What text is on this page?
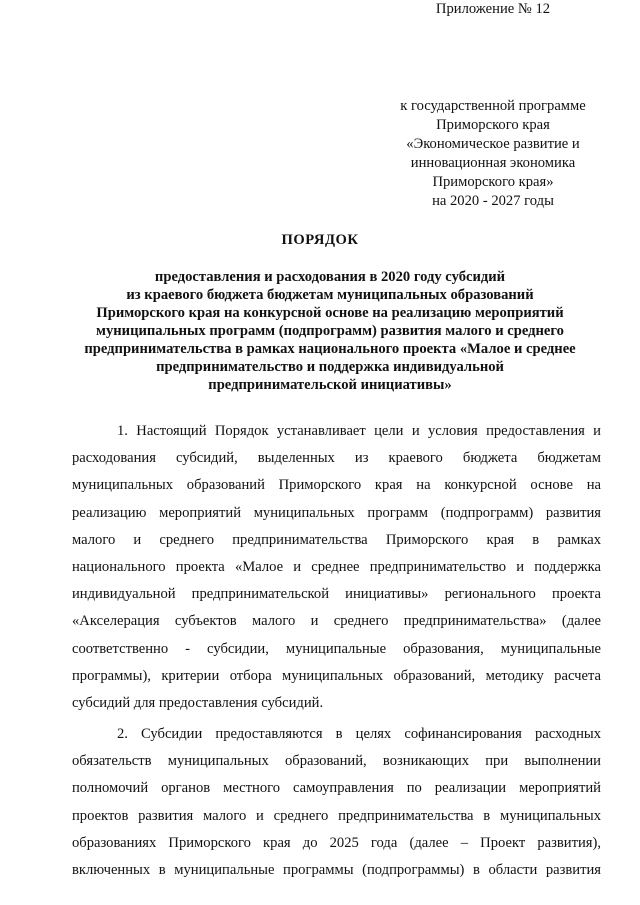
Приложение № 12
к государственной программе
Приморского края
«Экономическое развитие и
инновационная экономика
Приморского края»
на 2020 - 2027 годы
ПОРЯДОК
предоставления и расходования в 2020 году субсидий
из краевого бюджета бюджетам муниципальных образований
Приморского края на конкурсной основе на реализацию мероприятий
муниципальных программ (подпрограмм) развития малого и среднего
предпринимательства в рамках национального проекта «Малое и среднее
предпринимательство и поддержка индивидуальной
предпринимательской инициативы»
1. Настоящий Порядок устанавливает цели и условия предоставления и
расходования субсидий, выделенных из краевого бюджета бюджетам
муниципальных образований Приморского края на конкурсной основе на
реализацию мероприятий муниципальных программ (подпрограмм) развития
малого и среднего предпринимательства Приморского края в рамках
национального проекта «Малое и среднее предпринимательство и поддержка
индивидуальной предпринимательской инициативы» регионального проекта
«Акселерация субъектов малого и среднего предпринимательства» (далее
соответственно - субсидии, муниципальные образования, муниципальные
программы), критерии отбора муниципальных образований, методику расчета
субсидий для предоставления субсидий.
2. Субсидии предоставляются в целях софинансирования расходных
обязательств муниципальных образований, возникающих при выполнении
полномочий органов местного самоуправления по реализации мероприятий
проектов развития малого и среднего предпринимательства в муниципальных
образованиях Приморского края до 2025 года (далее – Проект развития),
включенных в муниципальные программы (подпрограммы) в области развития
